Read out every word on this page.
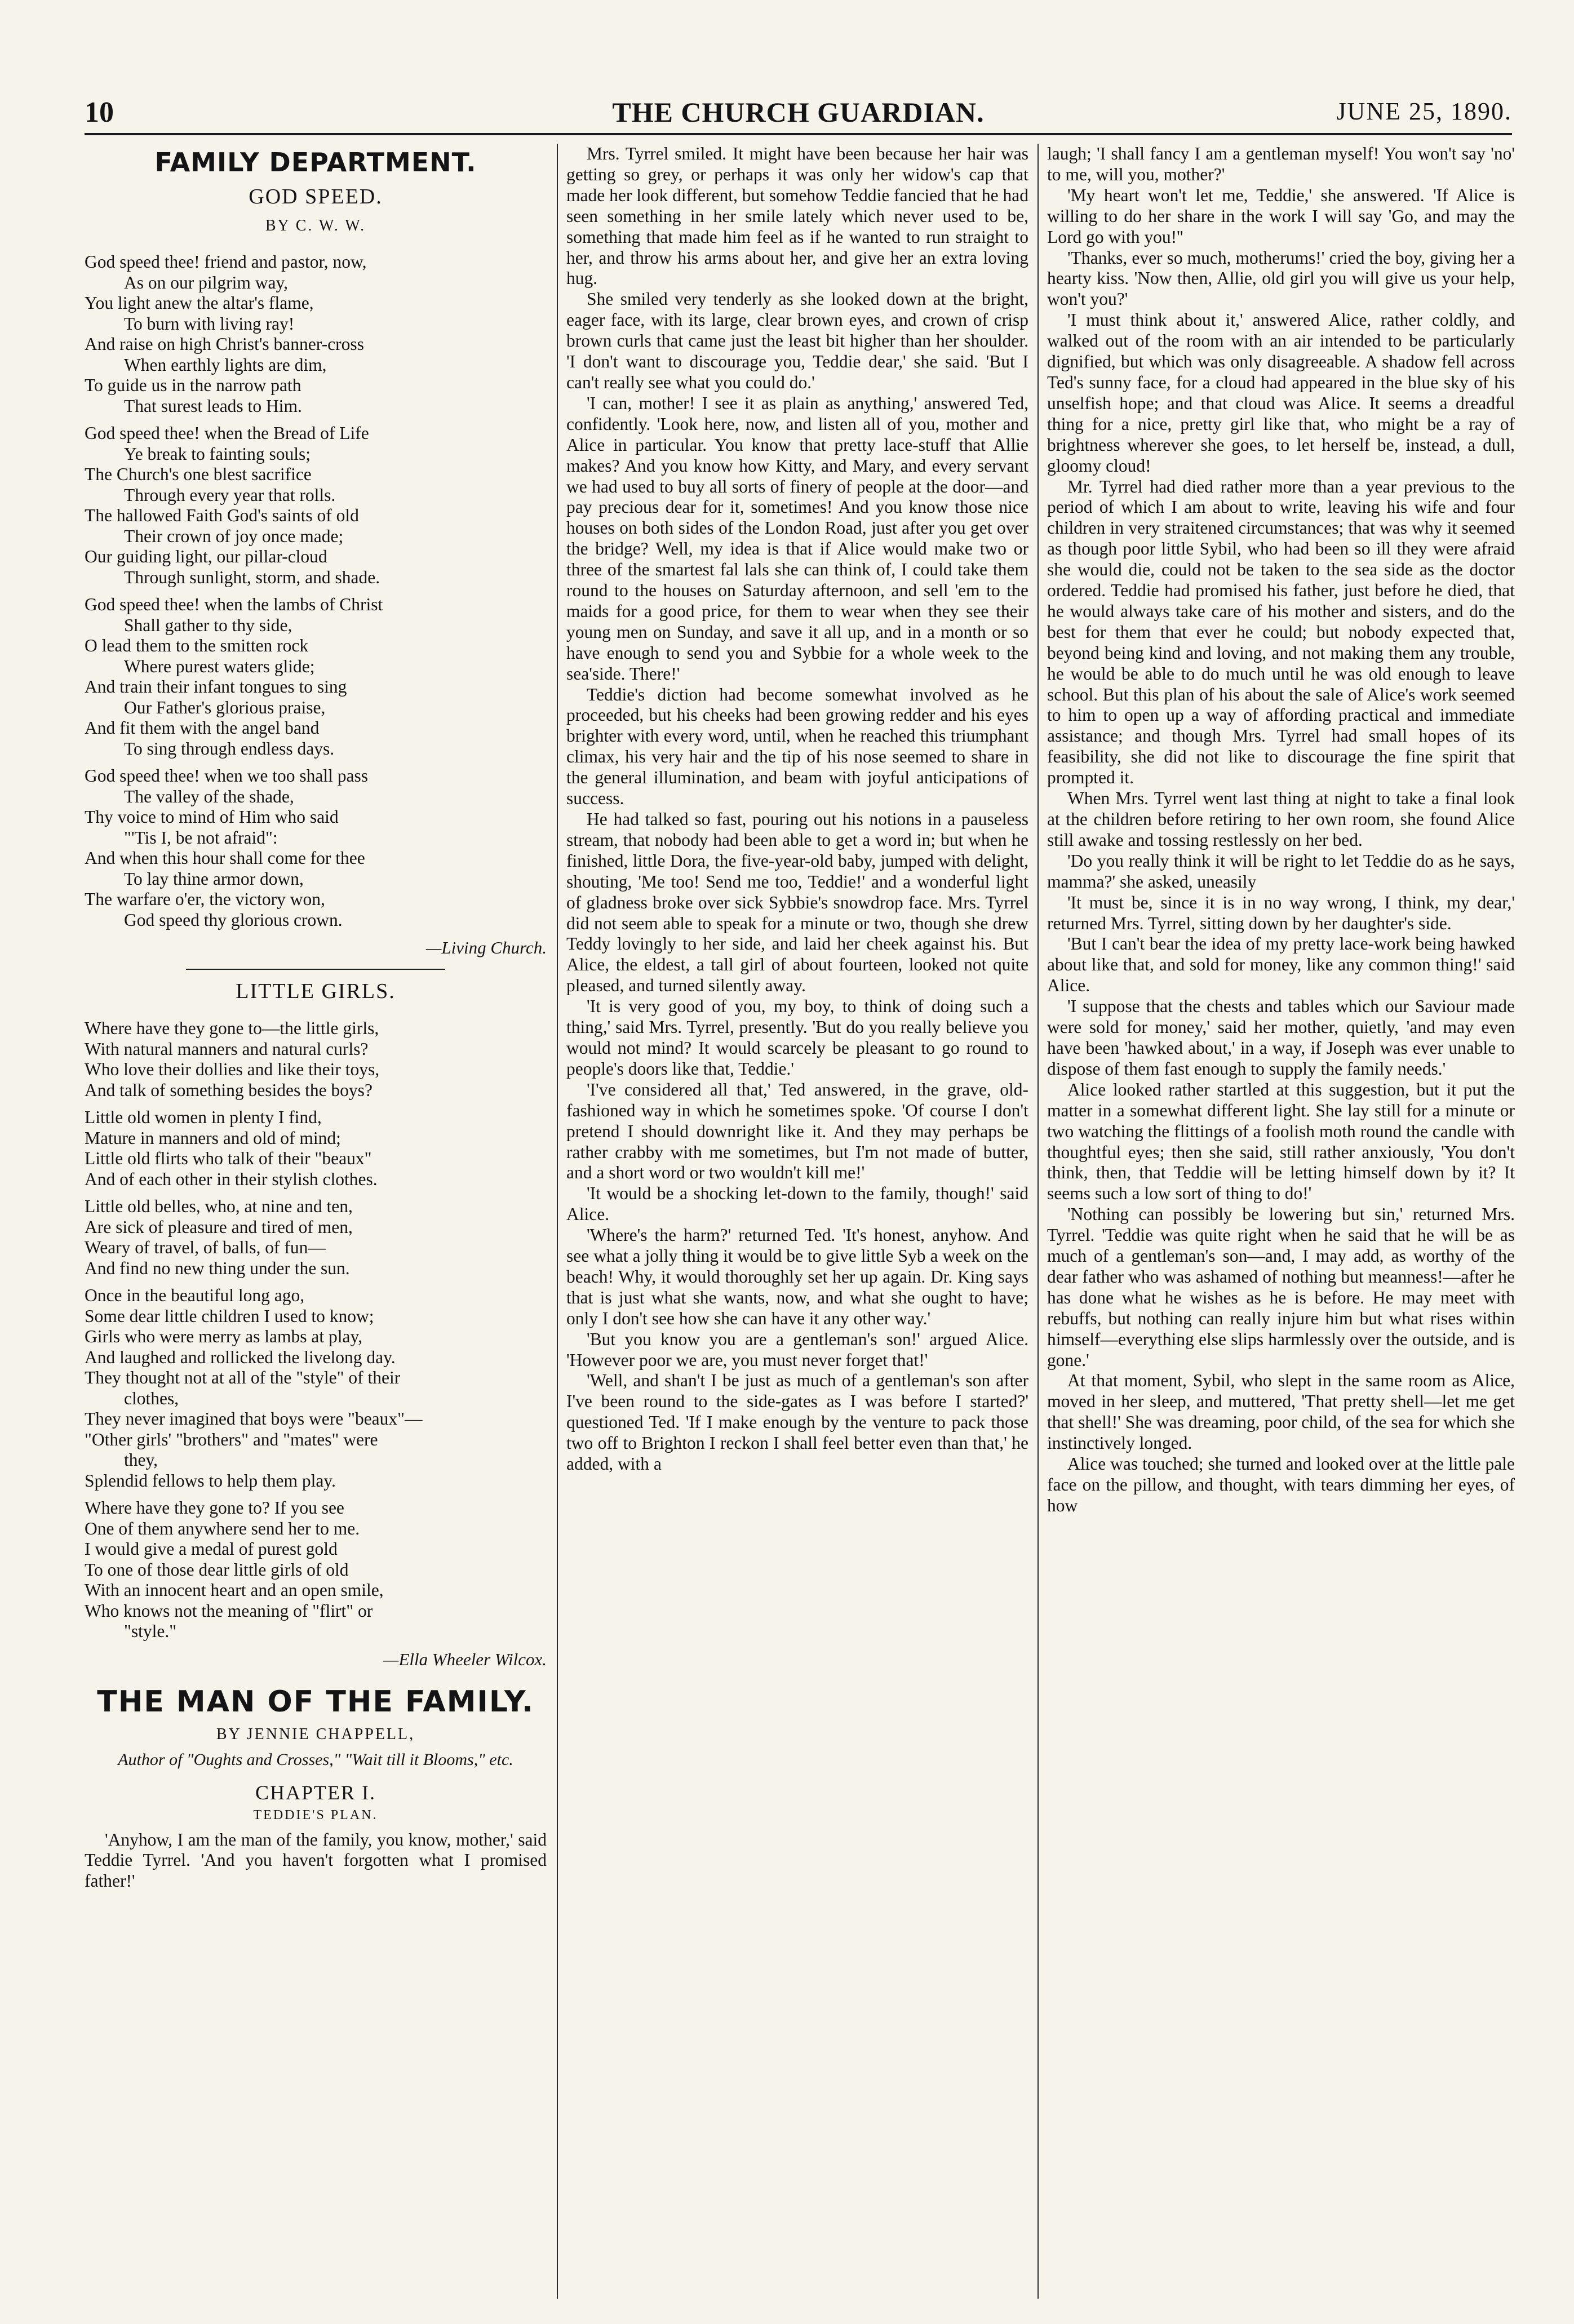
10	THE CHURCH GUARDIAN.	JUNE 25, 1890.
FAMILY DEPARTMENT.
GOD SPEED.
BY C. W. W.
God speed thee! friend and pastor, now,
As on our pilgrim way,
You light anew the altar's flame,
To burn with living ray!
And raise on high Christ's banner-cross
When earthly lights are dim,
To guide us in the narrow path
That surest leads to Him.
God speed thee! when the Bread of Life
Ye break to fainting souls;
The Church's one blest sacrifice
Through every year that rolls.
The hallowed Faith God's saints of old
Their crown of joy once made;
Our guiding light, our pillar-cloud
Through sunlight, storm, and shade.
God speed thee! when the lambs of Christ
Shall gather to thy side,
O lead them to the smitten rock
Where purest waters glide;
And train their infant tongues to sing
Our Father's glorious praise,
And fit them with the angel band
To sing through endless days.
God speed thee! when we too shall pass
The valley of the shade,
Thy voice to mind of Him who said
"'Tis I, be not afraid":
And when this hour shall come for thee
To lay thine armor down,
The warfare o'er, the victory won,
God speed thy glorious crown.
—Living Church.
LITTLE GIRLS.
Where have they gone to—the little girls,
With natural manners and natural curls?
Who love their dollies and like their toys,
And talk of something besides the boys?
Little old women in plenty I find,
Mature in manners and old of mind;
Little old flirts who talk of their "beaux"
And of each other in their stylish clothes.
Little old belles, who, at nine and ten,
Are sick of pleasure and tired of men,
Weary of travel, of balls, of fun—
And find no new thing under the sun.
Once in the beautiful long ago,
Some dear little children I used to know;
Girls who were merry as lambs at play,
And laughed and rollicked the livelong day.
They thought not at all of the "style" of their
clothes,
They never imagined that boys were "beaux"—
"Other girls' "brothers" and "mates" were
they,
Splendid fellows to help them play.
Where have they gone to? If you see
One of them anywhere send her to me.
I would give a medal of purest gold
To one of those dear little girls of old
With an innocent heart and an open smile,
Who knows not the meaning of "flirt" or
"style."
—Ella Wheeler Wilcox.
THE MAN OF THE FAMILY.
BY JENNIE CHAPPELL,
Author of "Oughts and Crosses," "Wait till it Blooms," etc.
CHAPTER I.
TEDDIE'S PLAN.

'Anyhow, I am the man of the family, you know, mother,' said Teddie Tyrrel. 'And you haven't forgotten what I promised father!'

Mrs. Tyrrel smiled. It might have been because her hair was getting so grey, or perhaps it was only her widow's cap that made her look different, but somehow Teddie fancied that he had seen something in her smile lately which never used to be, something that made him feel as if he wanted to run straight to her, and throw his arms about her, and give her an extra loving hug.

She smiled very tenderly as she looked down at the bright, eager face, with its large, clear brown eyes, and crown of crisp brown curls that came just the least bit higher than her shoulder. 'I don't want to discourage you, Teddie dear,' she said. 'But I can't really see what you could do.'

'I can, mother! I see it as plain as anything,' answered Ted, confidently. 'Look here, now, and listen all of you, mother and Alice in particular. You know that pretty lace-stuff that Allie makes? And you know how Kitty, and Mary, and every servant we had used to buy all sorts of finery of people at the door—and pay precious dear for it, sometimes! And you know those nice houses on both sides of the London Road, just after you get over the bridge? Well, my idea is that if Alice would make two or three of the smartest fal lals she can think of, I could take them round to the houses on Saturday afternoon, and sell 'em to the maids for a good price, for them to wear when they see their young men on Sunday, and save it all up, and in a month or so have enough to send you and Sybbie for a whole week to the sea'side. There!'

Teddie's diction had become somewhat involved as he proceeded, but his cheeks had been growing redder and his eyes brighter with every word, until, when he reached this triumphant climax, his very hair and the tip of his nose seemed to share in the general illumination, and beam with joyful anticipations of success.

He had talked so fast, pouring out his notions in a pauseless stream, that nobody had been able to get a word in; but when he finished, little Dora, the five-year-old baby, jumped with delight, shouting, 'Me too! Send me too, Teddie!' and a wonderful light of gladness broke over sick Sybbie's snowdrop face. Mrs. Tyrrel did not seem able to speak for a minute or two, though she drew Teddy lovingly to her side, and laid her cheek against his. But Alice, the eldest, a tall girl of about fourteen, looked not quite pleased, and turned silently away.

'It is very good of you, my boy, to think of doing such a thing,' said Mrs. Tyrrel, presently. 'But do you really believe you would not mind? It would scarcely be pleasant to go round to people's doors like that, Teddie.'

'I've considered all that,' Ted answered, in the grave, old-fashioned way in which he sometimes spoke. 'Of course I don't pretend I should downright like it. And they may perhaps be rather crabby with me sometimes, but I'm not made of butter, and a short word or two wouldn't kill me!'

'It would be a shocking let-down to the family, though!' said Alice.

'Where's the harm?' returned Ted. 'It's honest, anyhow. And see what a jolly thing it would be to give little Syb a week on the beach! Why, it would thoroughly set her up again. Dr. King says that is just what she wants, now, and what she ought to have; only I don't see how she can have it any other way.'

'But you know you are a gentleman's son!' argued Alice. 'However poor we are, you must never forget that!'

'Well, and shan't I be just as much of a gentleman's son after I've been round to the side-gates as I was before I started?' questioned Ted. 'If I make enough by the venture to pack those two off to Brighton I reckon I shall feel better even than that,' he added, with a

laugh; 'I shall fancy I am a gentleman myself! You won't say 'no' to me, will you, mother?'

'My heart won't let me, Teddie,' she answered. 'If Alice is willing to do her share in the work I will say 'Go, and may the Lord go with you!''

'Thanks, ever so much, motherums!' cried the boy, giving her a hearty kiss. 'Now then, Allie, old girl you will give us your help, won't you?'

'I must think about it,' answered Alice, rather coldly, and walked out of the room with an air intended to be particularly dignified, but which was only disagreeable. A shadow fell across Ted's sunny face, for a cloud had appeared in the blue sky of his unselfish hope; and that cloud was Alice. It seems a dreadful thing for a nice, pretty girl like that, who might be a ray of brightness wherever she goes, to let herself be, instead, a dull, gloomy cloud!

Mr. Tyrrel had died rather more than a year previous to the period of which I am about to write, leaving his wife and four children in very straitened circumstances; that was why it seemed as though poor little Sybil, who had been so ill they were afraid she would die, could not be taken to the sea side as the doctor ordered. Teddie had promised his father, just before he died, that he would always take care of his mother and sisters, and do the best for them that ever he could; but nobody expected that, beyond being kind and loving, and not making them any trouble, he would be able to do much until he was old enough to leave school. But this plan of his about the sale of Alice's work seemed to him to open up a way of affording practical and immediate assistance; and though Mrs. Tyrrel had small hopes of its feasibility, she did not like to discourage the fine spirit that prompted it.

When Mrs. Tyrrel went last thing at night to take a final look at the children before retiring to her own room, she found Alice still awake and tossing restlessly on her bed.

'Do you really think it will be right to let Teddie do as he says, mamma?' she asked, uneasily

'It must be, since it is in no way wrong, I think, my dear,' returned Mrs. Tyrrel, sitting down by her daughter's side.

'But I can't bear the idea of my pretty lace-work being hawked about like that, and sold for money, like any common thing!' said Alice.

'I suppose that the chests and tables which our Saviour made were sold for money,' said her mother, quietly, 'and may even have been 'hawked about,' in a way, if Joseph was ever unable to dispose of them fast enough to supply the family needs.'

Alice looked rather startled at this suggestion, but it put the matter in a somewhat different light. She lay still for a minute or two watching the flittings of a foolish moth round the candle with thoughtful eyes; then she said, still rather anxiously, 'You don't think, then, that Teddie will be letting himself down by it? It seems such a low sort of thing to do!'

'Nothing can possibly be lowering but sin,' returned Mrs. Tyrrel. 'Teddie was quite right when he said that he will be as much of a gentleman's son—and, I may add, as worthy of the dear father who was ashamed of nothing but meanness!—after he has done what he wishes as he is before. He may meet with rebuffs, but nothing can really injure him but what rises within himself—everything else slips harmlessly over the outside, and is gone.'

At that moment, Sybil, who slept in the same room as Alice, moved in her sleep, and muttered, 'That pretty shell—let me get that shell!' She was dreaming, poor child, of the sea for which she instinctively longed.

Alice was touched; she turned and looked over at the little pale face on the pillow, and thought, with tears dimming her eyes, of how
